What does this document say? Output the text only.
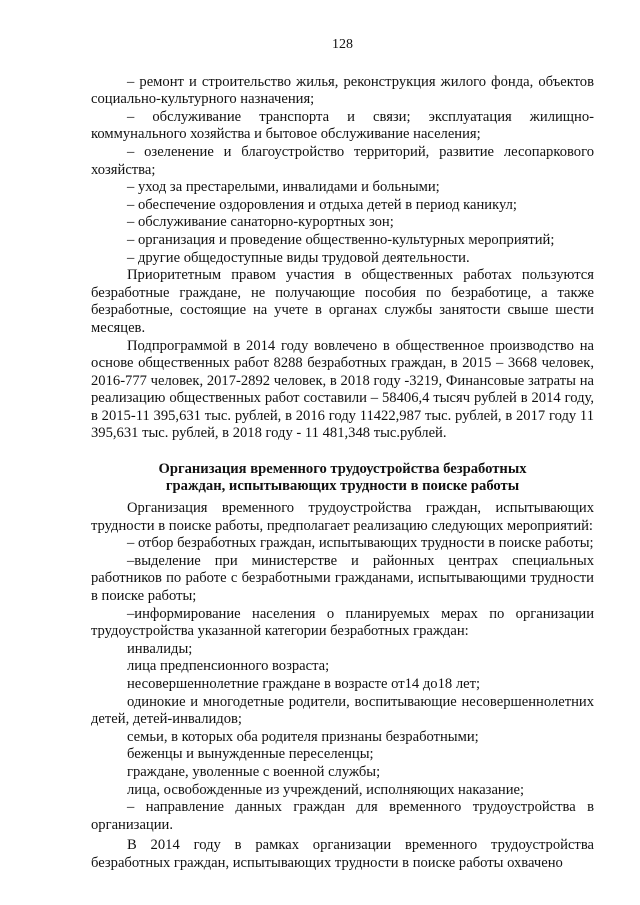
128

– ремонт и строительство жилья, реконструкция жилого фонда, объектов социально-культурного назначения;

– обслуживание транспорта и связи; эксплуатация жилищно-коммунального хозяйства и бытовое обслуживание населения;

– озеленение и благоустройство территорий, развитие лесопаркового хозяйства;

– уход за престарелыми, инвалидами и больными;

– обеспечение оздоровления и отдыха детей в период каникул;

– обслуживание санаторно-курортных зон;

– организация и проведение общественно-культурных мероприятий;

– другие общедоступные виды трудовой деятельности.

Приоритетным правом участия в общественных работах пользуются безработные граждане, не получающие пособия по безработице, а также безработные, состоящие на учете в органах службы занятости свыше шести месяцев.

Подпрограммой в 2014 году вовлечено в общественное производство на основе общественных работ 8288 безработных граждан, в 2015 – 3668 человек, 2016-777 человек, 2017-2892 человек, в 2018 году -3219, Финансовые затраты на реализацию общественных работ составили – 58406,4 тысяч рублей в 2014 году, в 2015-11 395,631 тыс. рублей, в 2016 году 11422,987 тыс. рублей, в 2017 году 11 395,631 тыс. рублей, в 2018 году - 11 481,348 тыс.рублей.

Организация временного трудоустройства безработных
граждан, испытывающих трудности в поиске работы

Организация временного трудоустройства граждан, испытывающих трудности в поиске работы, предполагает реализацию следующих мероприятий:

– отбор безработных граждан, испытывающих трудности в поиске работы;

–выделение при министерстве и районных центрах специальных работников по работе с безработными гражданами, испытывающими трудности в поиске работы;

–информирование населения о планируемых мерах по организации трудоустройства указанной категории безработных граждан:

инвалиды;

лица предпенсионного возраста;

несовершеннолетние граждане в возрасте от14 до18 лет;

одинокие и многодетные родители, воспитывающие несовершеннолетних детей, детей-инвалидов;

семьи, в которых оба родителя признаны безработными;

беженцы и вынужденные переселенцы;

граждане, уволенные с военной службы;

лица, освобожденные из учреждений, исполняющих наказание;

– направление данных граждан для временного трудоустройства в организации.

В 2014 году в рамках организации временного трудоустройства безработных граждан, испытывающих трудности в поиске работы охвачено
